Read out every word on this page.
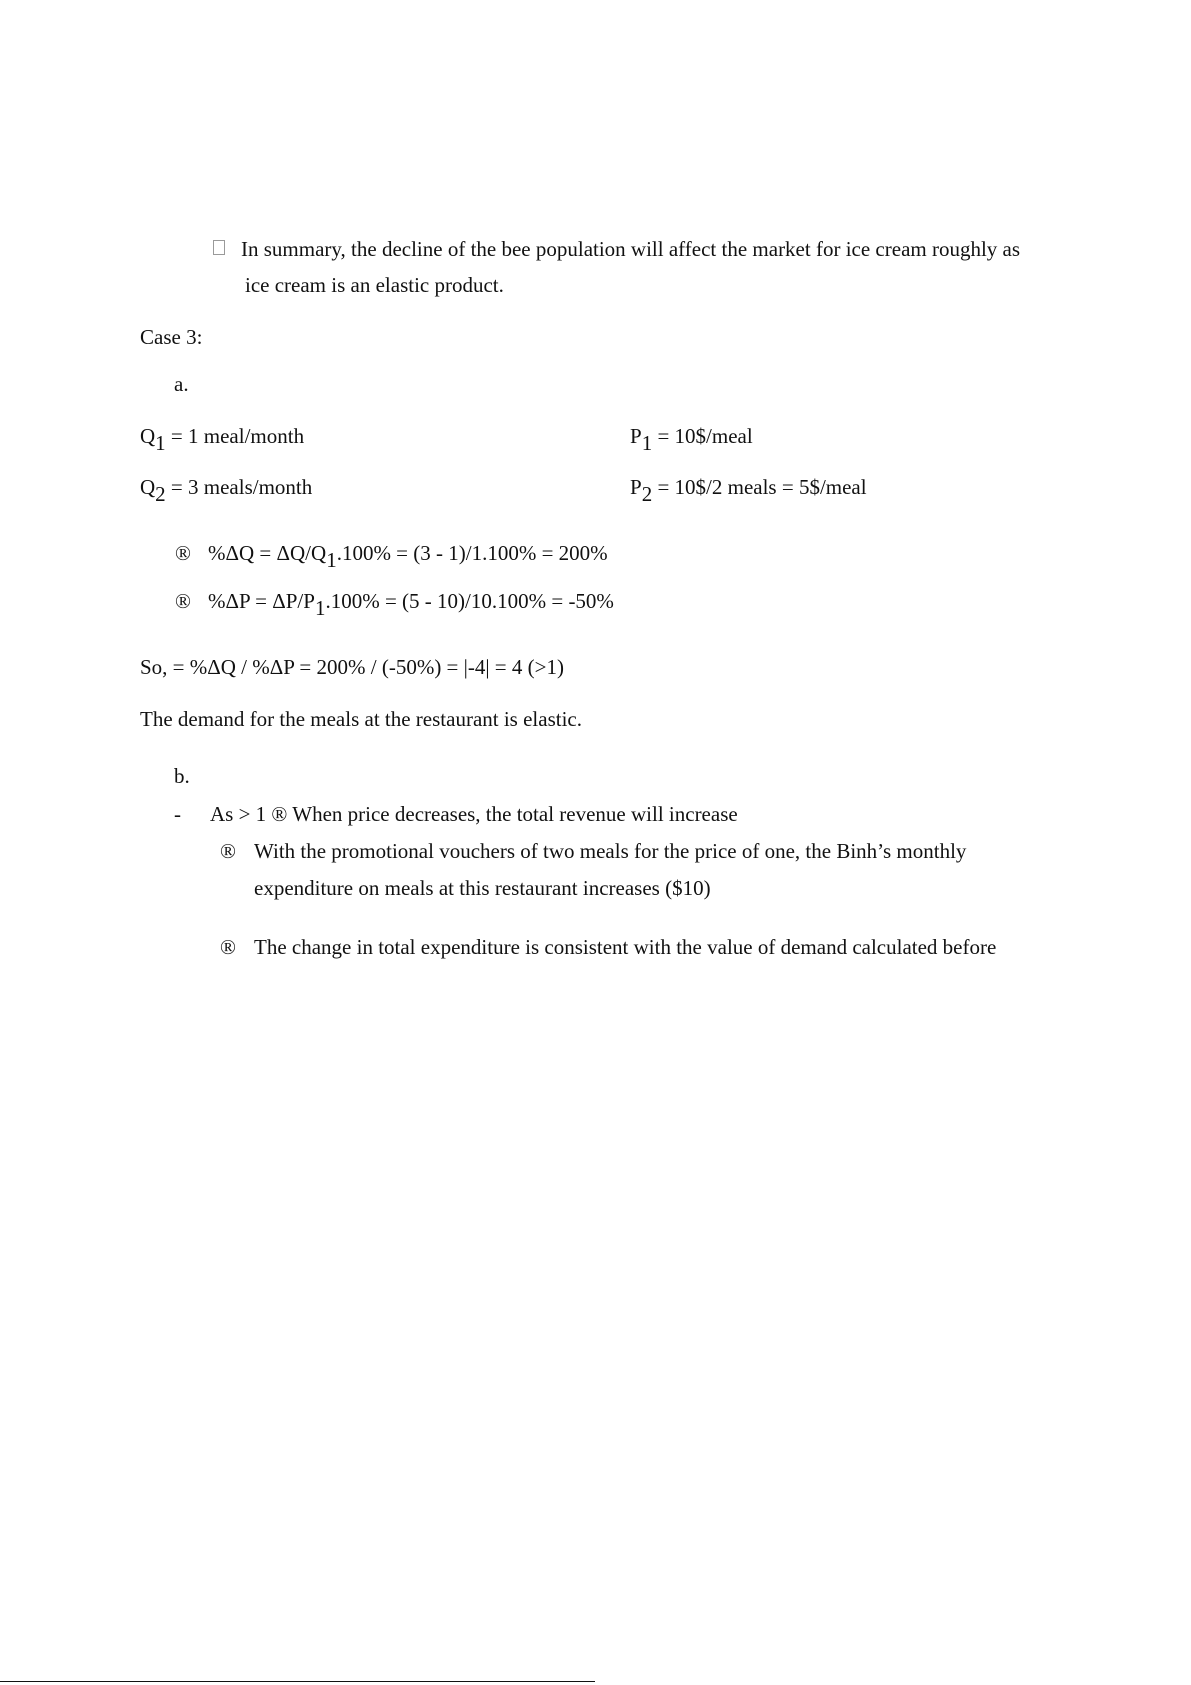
In summary, the decline of the bee population will affect the market for ice cream roughly as
ice cream is an elastic product.
Case 3:
a.
$Q_1 = 1$ meal/month	$P_1$ = 10$/meal
$Q_2 = 3$ meals/month	$P_2$ = 10$/2 meals = 5$/meal
® $\%\Delta Q = \Delta Q/Q_1.100\% = (3 - 1)/1.100\% = 200\%$
® $\%\Delta P = \Delta P/P_1.100\% = (5 - 10)/10.100\% = -50\%$
So, = %ΔQ / %ΔP = 200% / (-50%) = |-4| = 4 (>1)
The demand for the meals at the restaurant is elastic.
b.
- As > 1 ® When price decreases, the total revenue will increase
® With the promotional vouchers of two meals for the price of one, the Binh’s monthly
expenditure on meals at this restaurant increases ($10)
® The change in total expenditure is consistent with the value of demand calculated before
